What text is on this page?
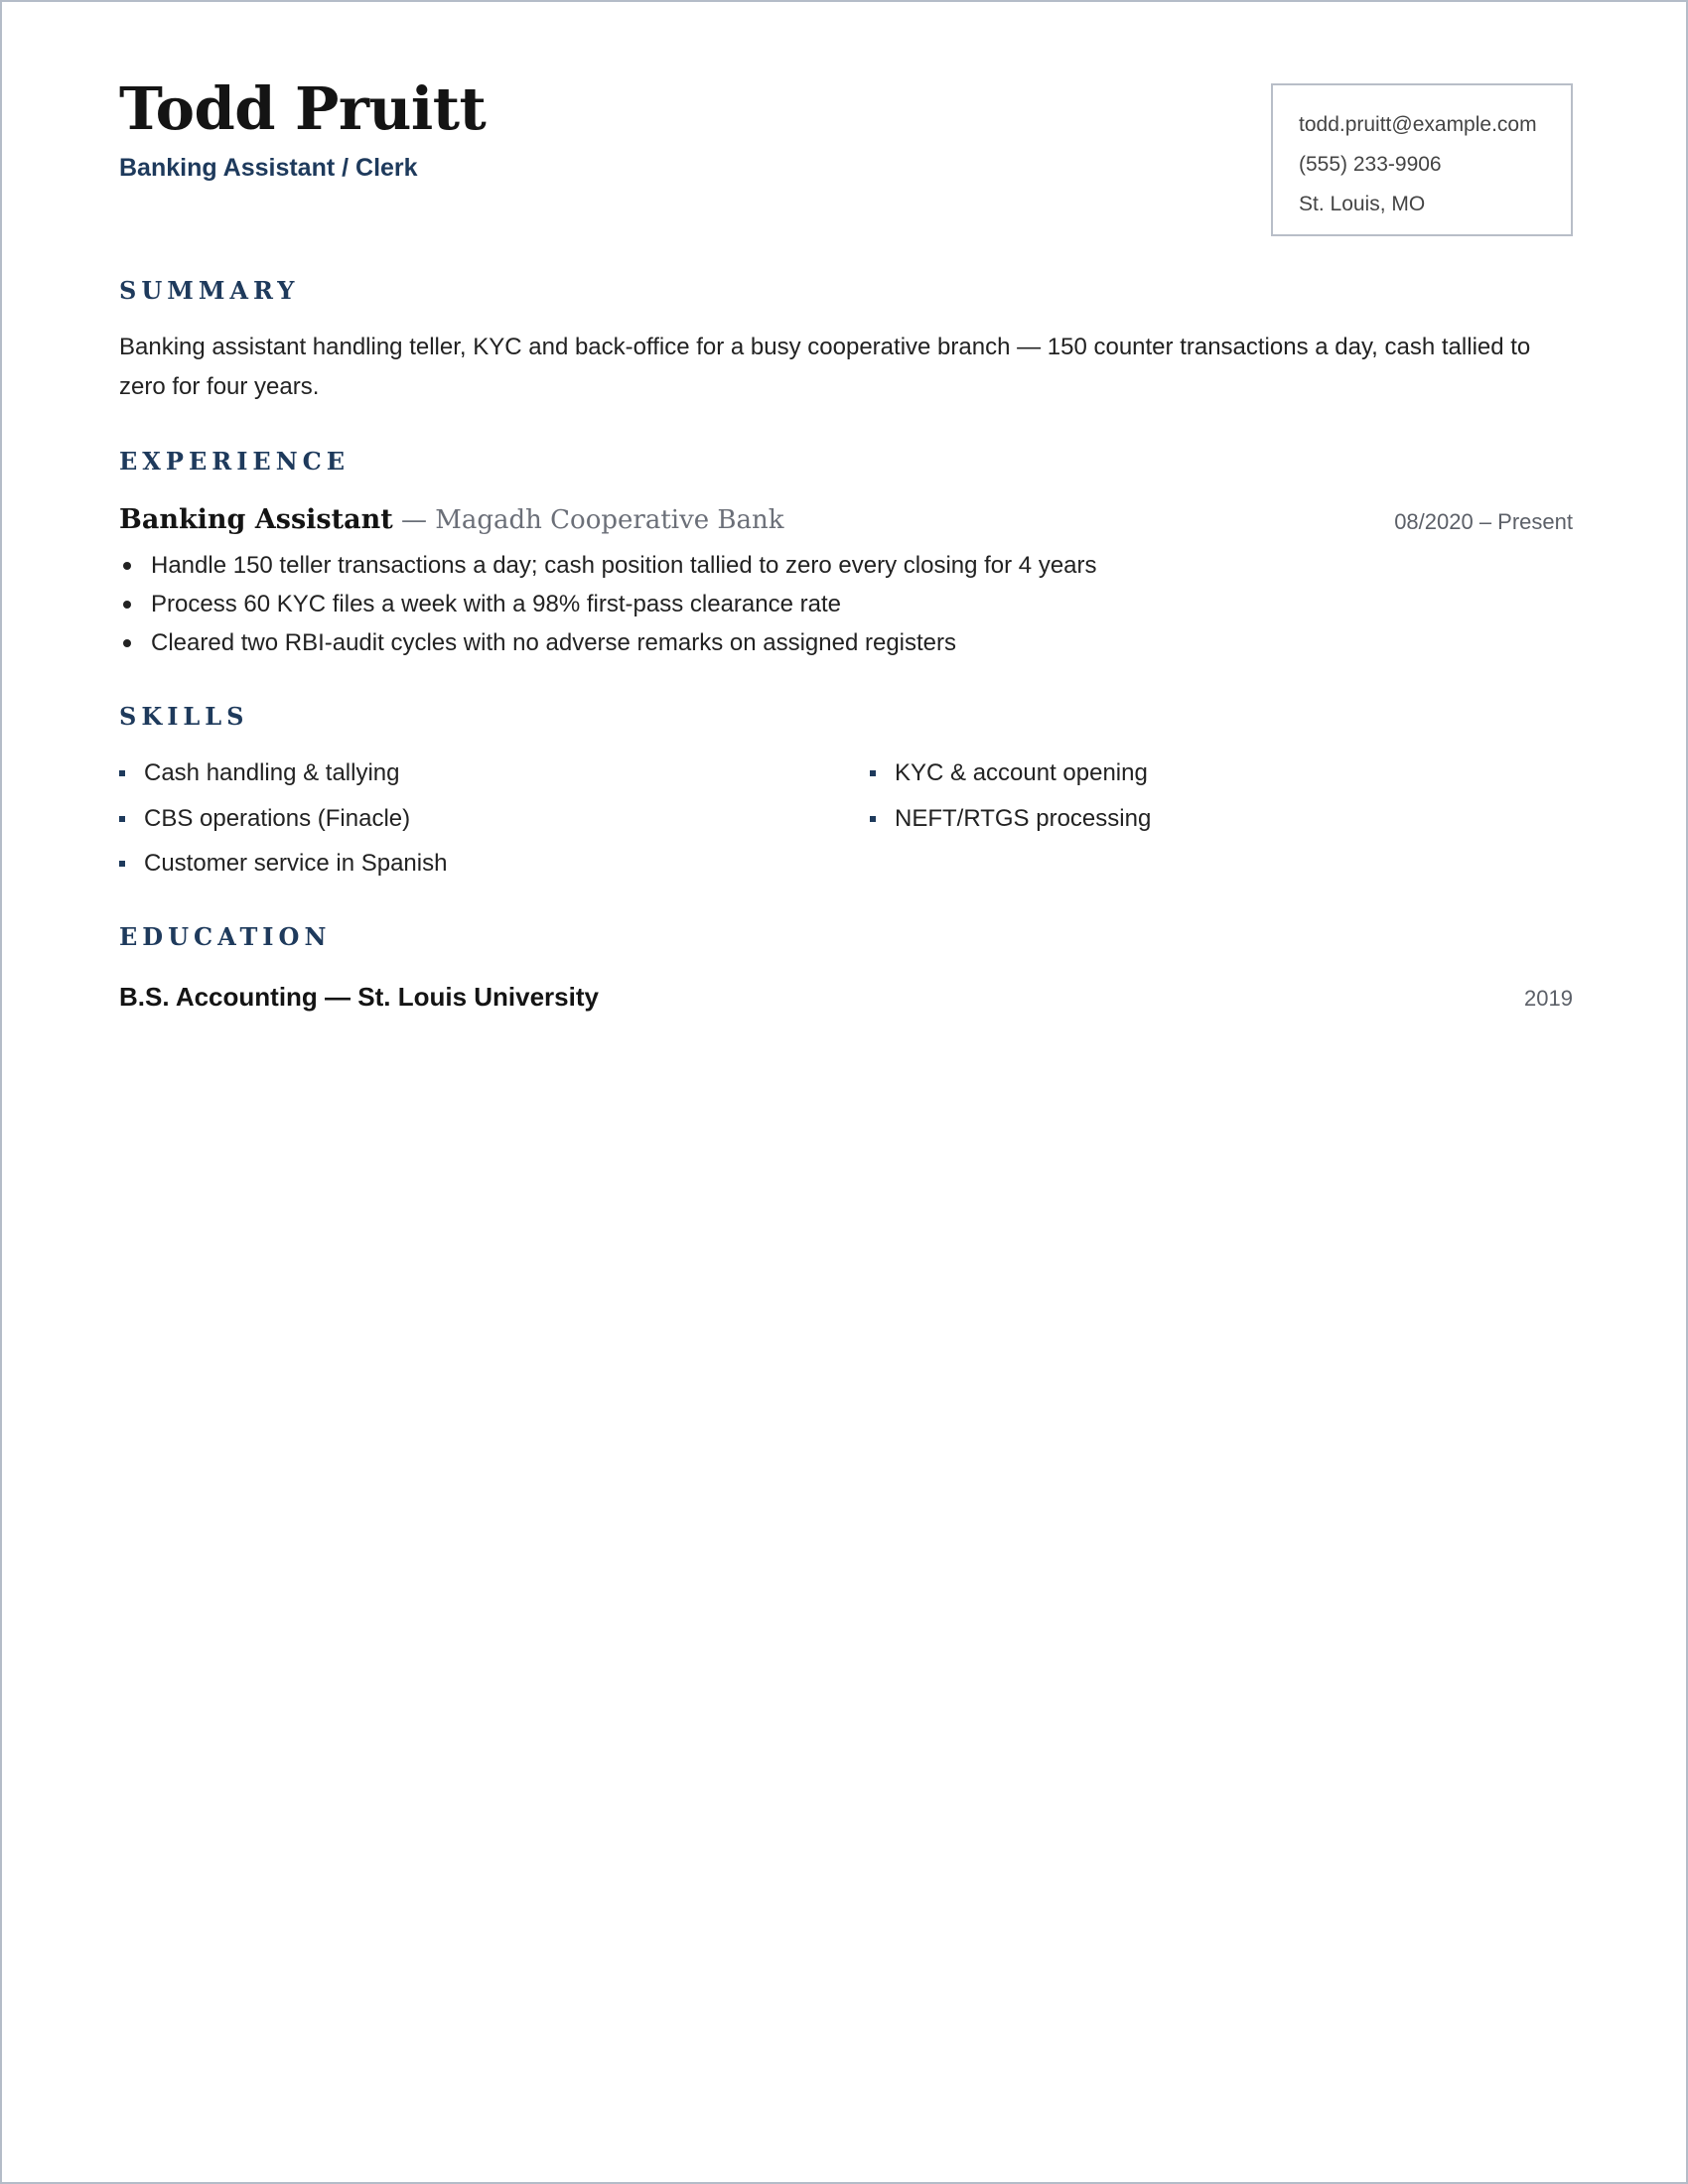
Todd Pruitt
Banking Assistant / Clerk
todd.pruitt@example.com
(555) 233-9906
St. Louis, MO
SUMMARY

Banking assistant handling teller, KYC and back-office for a busy cooperative branch — 150 counter transactions a day, cash tallied to zero for four years.

EXPERIENCE
Banking Assistant — Magadh Cooperative Bank	08/2020 – Present
Handle 150 teller transactions a day; cash position tallied to zero every closing for 4 years
Process 60 KYC files a week with a 98% first-pass clearance rate
Cleared two RBI-audit cycles with no adverse remarks on assigned registers
SKILLS
Cash handling & tallying	KYC & account opening
CBS operations (Finacle)	NEFT/RTGS processing
Customer service in Spanish
EDUCATION
B.S. Accounting — St. Louis University	2019
